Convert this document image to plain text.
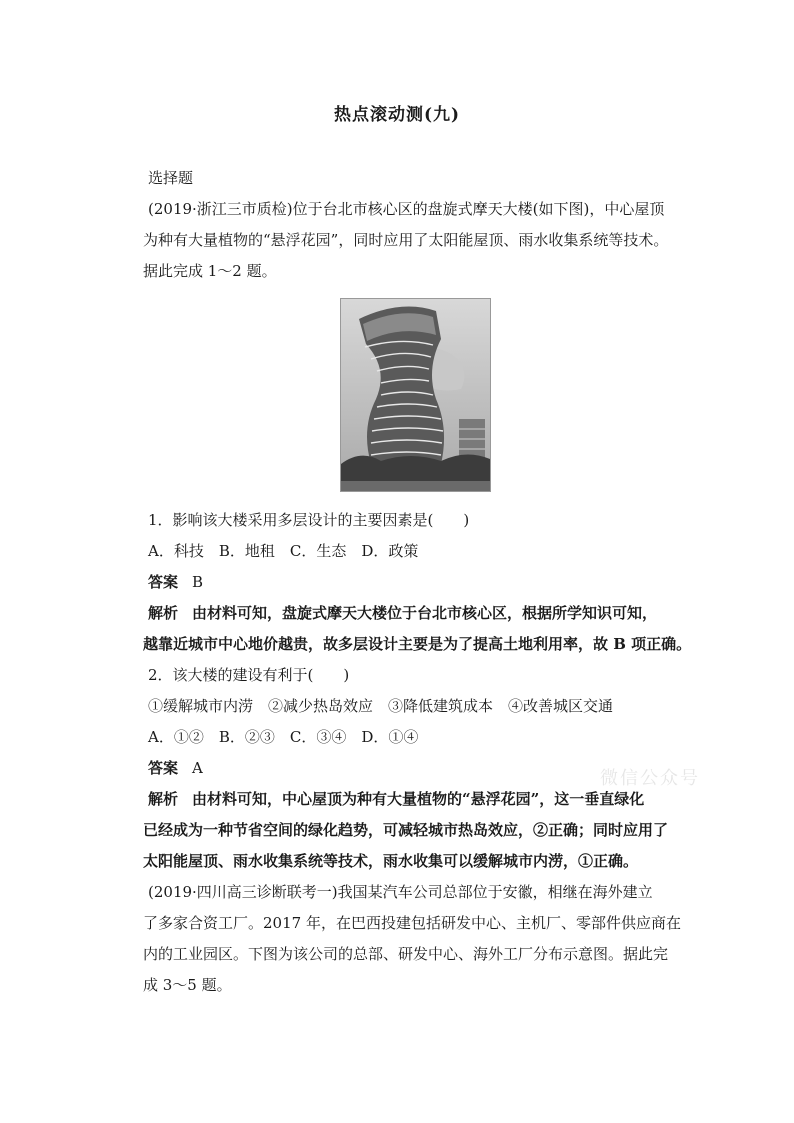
热点滚动测(九)
选择题
(2019·浙江三市质检)位于台北市核心区的盘旋式摩天大楼(如下图)，中心屋顶
为种有大量植物的“悬浮花园”，同时应用了太阳能屋顶、雨水收集系统等技术。
据此完成 1～2 题。
1．影响该大楼采用多层设计的主要因素是(　　)
A．科技　B．地租　C．生态　D．政策
答案 B
解析 由材料可知，盘旋式摩天大楼位于台北市核心区，根据所学知识可知，
越靠近城市中心地价越贵，故多层设计主要是为了提高土地利用率，故 B 项正确。
2．该大楼的建设有利于(　　)
①缓解城市内涝　②减少热岛效应　③降低建筑成本　④改善城区交通
A．①②　B．②③　C．③④　D．①④
答案 A
解析 由材料可知，中心屋顶为种有大量植物的“悬浮花园”，这一垂直绿化
已经成为一种节省空间的绿化趋势，可减轻城市热岛效应，②正确；同时应用了
太阳能屋顶、雨水收集系统等技术，雨水收集可以缓解城市内涝，①正确。
(2019·四川高三诊断联考一)我国某汽车公司总部位于安徽，相继在海外建立
了多家合资工厂。2017 年，在巴西投建包括研发中心、主机厂、零部件供应商在
内的工业园区。下图为该公司的总部、研发中心、海外工厂分布示意图。据此完
成 3～5 题。
微信公众号
